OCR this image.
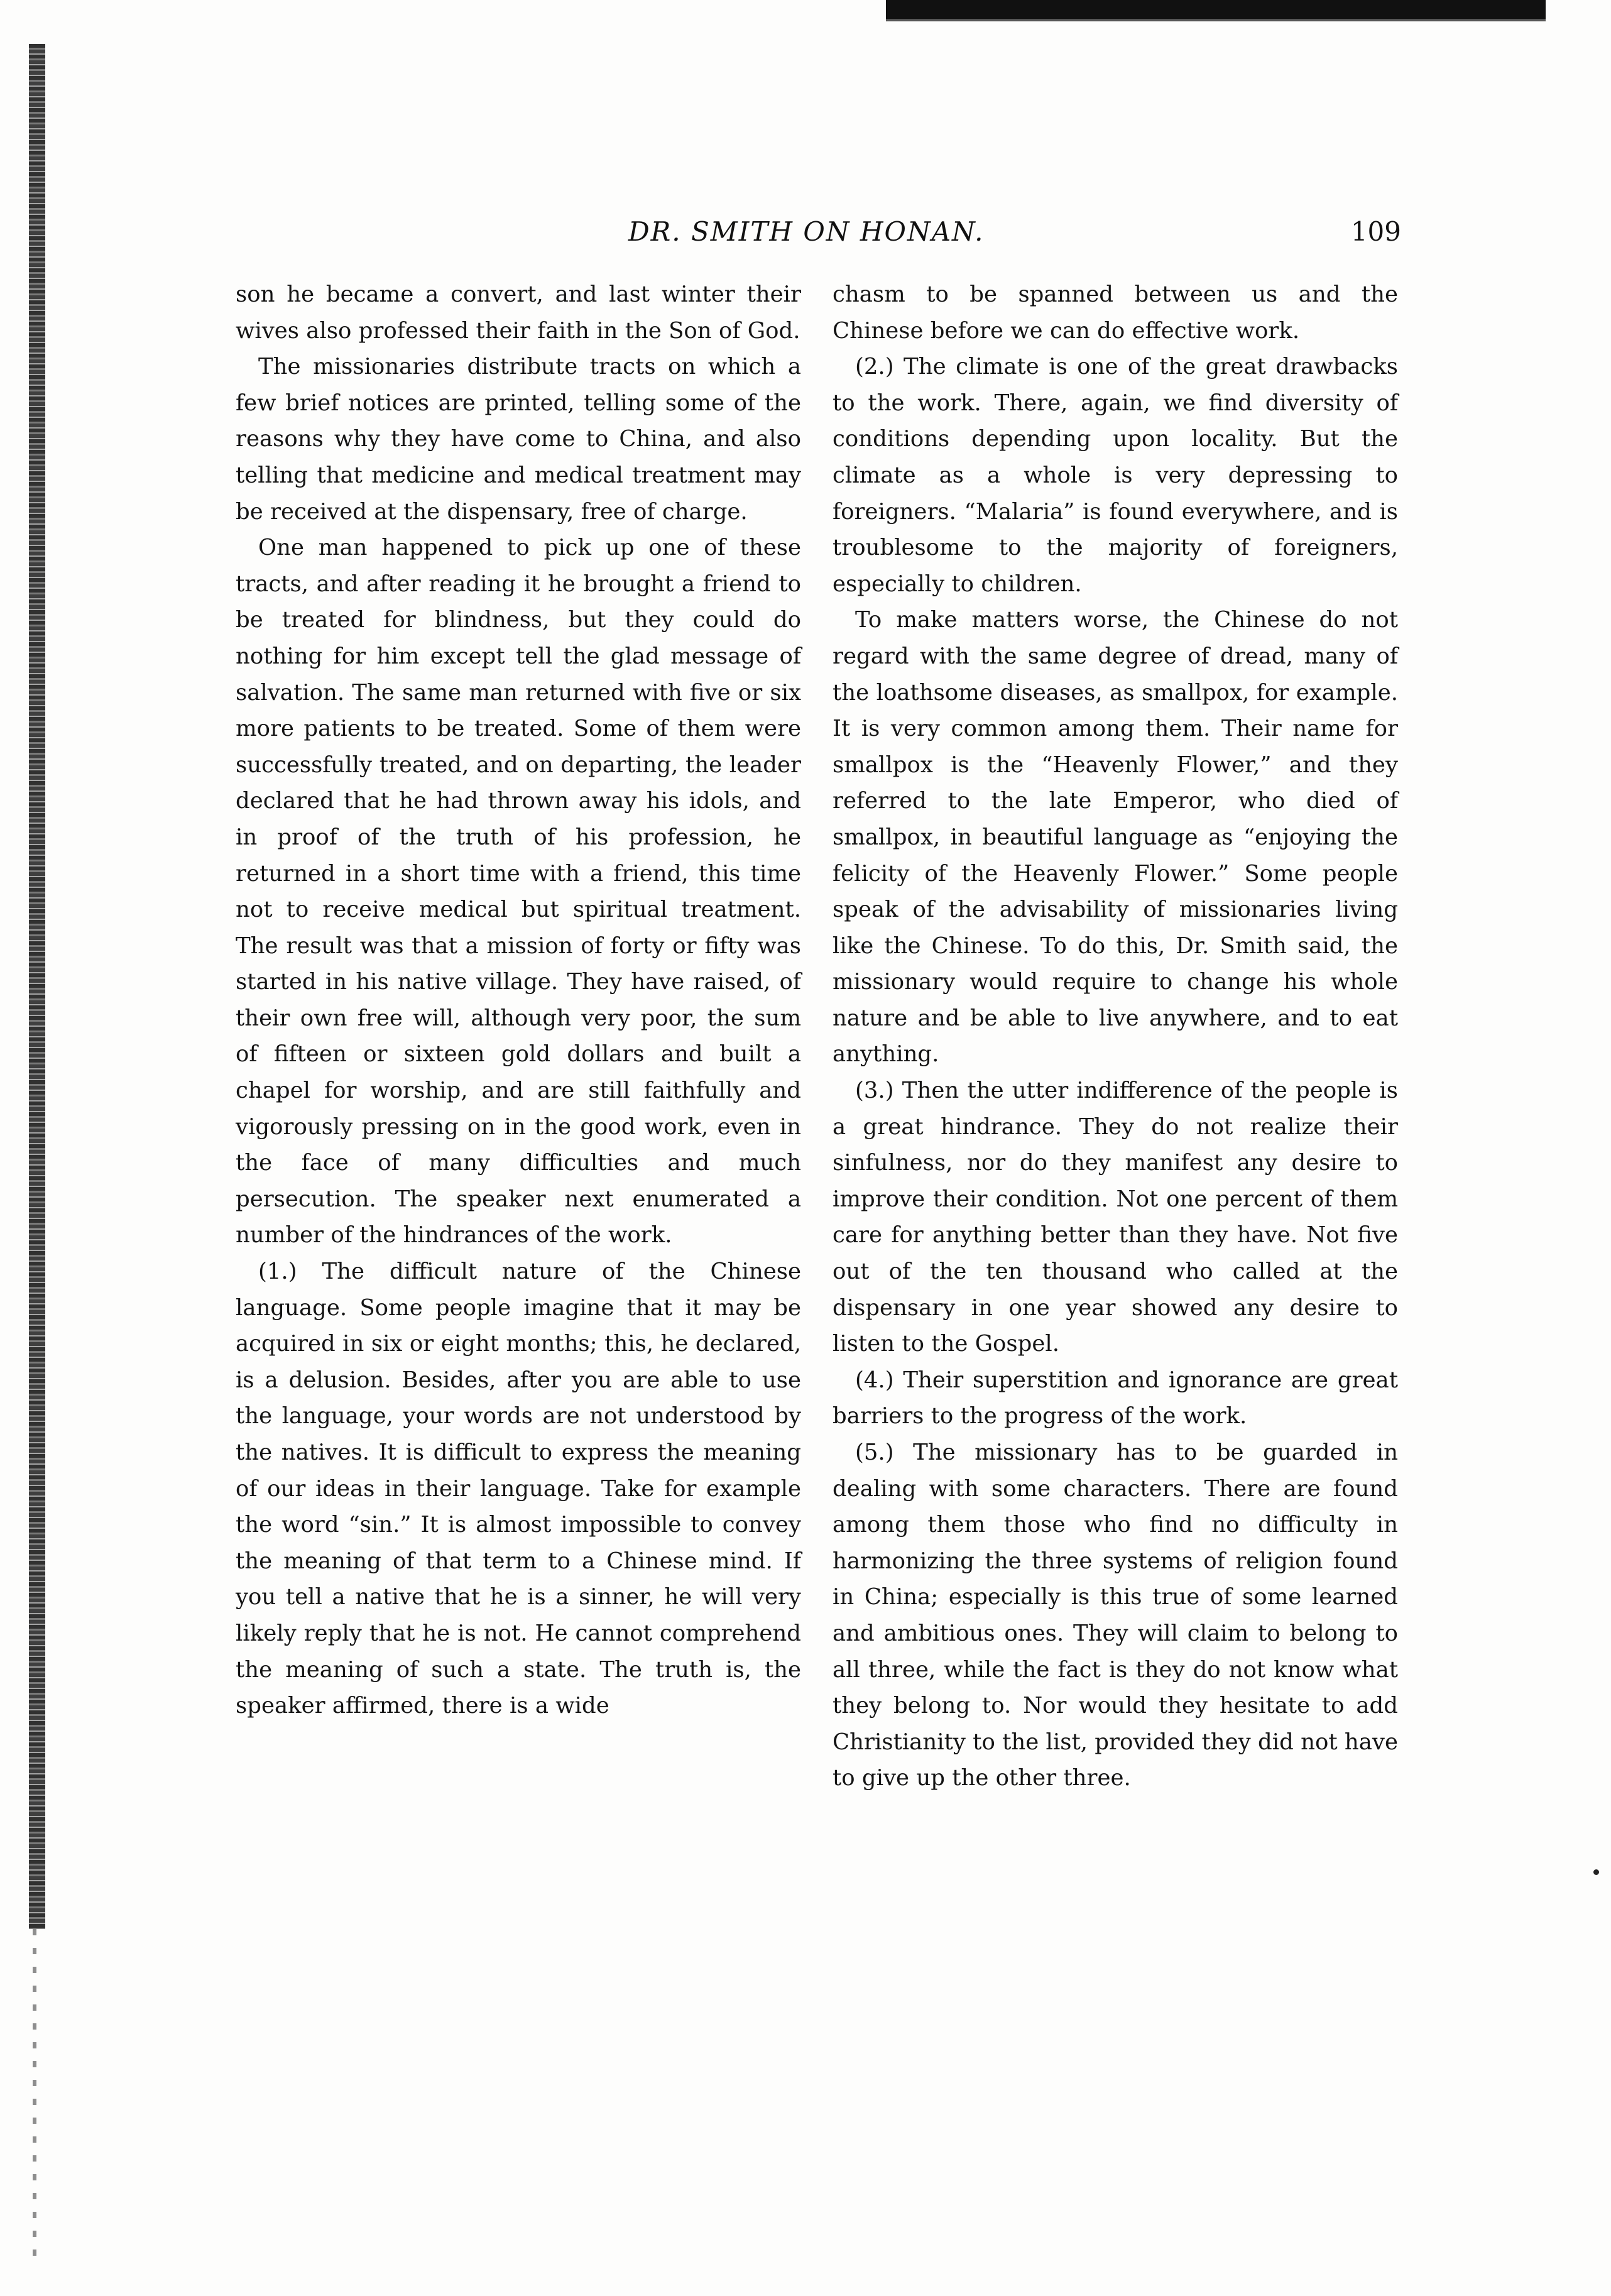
DR. SMITH ON HONAN.	109

son he became a convert, and last winter their wives also professed their faith in the Son of God.

The missionaries distribute tracts on which a few brief notices are printed, telling some of the reasons why they have come to China, and also telling that medicine and medical treatment may be received at the dispensary, free of charge.

One man happened to pick up one of these tracts, and after reading it he brought a friend to be treated for blindness, but they could do nothing for him except tell the glad message of salvation. The same man returned with five or six more patients to be treated. Some of them were successfully treated, and on departing, the leader declared that he had thrown away his idols, and in proof of the truth of his profession, he returned in a short time with a friend, this time not to receive medical but spiritual treatment. The result was that a mission of forty or fifty was started in his native village. They have raised, of their own free will, although very poor, the sum of fifteen or sixteen gold dollars and built a chapel for worship, and are still faithfully and vigorously pressing on in the good work, even in the face of many difficulties and much persecution. The speaker next enumerated a number of the hindrances of the work.

(1.) The difficult nature of the Chinese language. Some people imagine that it may be acquired in six or eight months; this, he declared, is a delusion. Besides, after you are able to use the language, your words are not understood by the natives. It is difficult to express the meaning of our ideas in their language. Take for example the word “sin.” It is almost impossible to convey the meaning of that term to a Chinese mind. If you tell a native that he is a sinner, he will very likely reply that he is not. He cannot comprehend the meaning of such a state. The truth is, the speaker affirmed, there is a wide

chasm to be spanned between us and the Chinese before we can do effective work.

(2.) The climate is one of the great drawbacks to the work. There, again, we find diversity of conditions depending upon locality. But the climate as a whole is very depressing to foreigners. “Malaria” is found everywhere, and is troublesome to the majority of foreigners, especially to children.

To make matters worse, the Chinese do not regard with the same degree of dread, many of the loathsome diseases, as smallpox, for example. It is very common among them. Their name for smallpox is the “Heavenly Flower,” and they referred to the late Emperor, who died of smallpox, in beautiful language as “enjoying the felicity of the Heavenly Flower.” Some people speak of the advisability of missionaries living like the Chinese. To do this, Dr. Smith said, the missionary would require to change his whole nature and be able to live anywhere, and to eat anything.

(3.) Then the utter indifference of the people is a great hindrance. They do not realize their sinfulness, nor do they manifest any desire to improve their condition. Not one percent of them care for anything better than they have. Not five out of the ten thousand who called at the dispensary in one year showed any desire to listen to the Gospel.

(4.) Their superstition and ignorance are great barriers to the progress of the work.

(5.) The missionary has to be guarded in dealing with some characters. There are found among them those who find no difficulty in harmonizing the three systems of religion found in China; especially is this true of some learned and ambitious ones. They will claim to belong to all three, while the fact is they do not know what they belong to. Nor would they hesitate to add Christianity to the list, provided they did not have to give up the other three.
